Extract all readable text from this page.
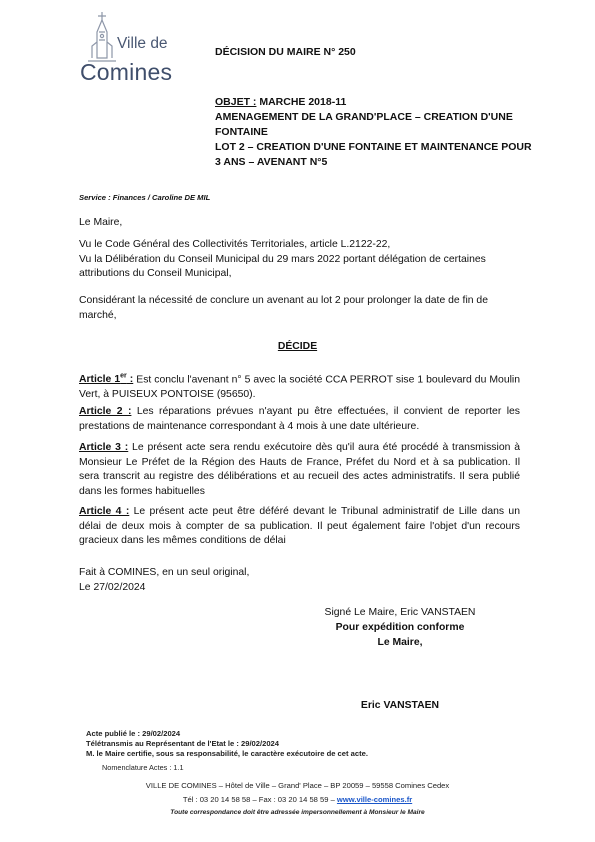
Ville de
Comines
DÉCISION DU MAIRE N° 250
OBJET : MARCHE 2018-11
AMENAGEMENT DE LA GRAND'PLACE – CREATION D'UNE FONTAINE
LOT 2 – CREATION D'UNE FONTAINE ET MAINTENANCE POUR 3 ANS – AVENANT N°5
Service : Finances / Caroline DE MIL
Le Maire,
Vu le Code Général des Collectivités Territoriales, article L.2122-22,
Vu la Délibération du Conseil Municipal du 29 mars 2022 portant délégation de certaines attributions du Conseil Municipal,
Considérant la nécessité de conclure un avenant au lot 2 pour prolonger la date de fin de marché,
DÉCIDE
Article 1er : Est conclu l'avenant n° 5 avec la société CCA PERROT sise 1 boulevard du Moulin Vert, à PUISEUX PONTOISE (95650).
Article 2 : Les réparations prévues n'ayant pu être effectuées, il convient de reporter les prestations de maintenance correspondant à 4 mois à une date ultérieure.
Article 3 : Le présent acte sera rendu exécutoire dès qu'il aura été procédé à transmission à Monsieur Le Préfet de la Région des Hauts de France, Préfet du Nord et à sa publication. Il sera transcrit au registre des délibérations et au recueil des actes administratifs. Il sera publié dans les formes habituelles
Article 4 : Le présent acte peut être déféré devant le Tribunal administratif de Lille dans un délai de deux mois à compter de sa publication. Il peut également faire l'objet d'un recours gracieux dans les mêmes conditions de délai
Fait à COMINES, en un seul original,
Le 27/02/2024
Signé Le Maire, Eric VANSTAEN
Pour expédition conforme
Le Maire,
Eric VANSTAEN
Acte publié le : 29/02/2024
Télétransmis au Représentant de l'Etat le : 29/02/2024
M. le Maire certifie, sous sa responsabilité, le caractère exécutoire de cet acte.
Nomenclature Actes : 1.1
VILLE DE COMINES – Hôtel de Ville – Grand' Place – BP 20059 – 59558 Comines Cedex
Tél : 03 20 14 58 58 – Fax : 03 20 14 58 59 – www.ville-comines.fr
Toute correspondance doit être adressée impersonnellement à Monsieur le Maire
